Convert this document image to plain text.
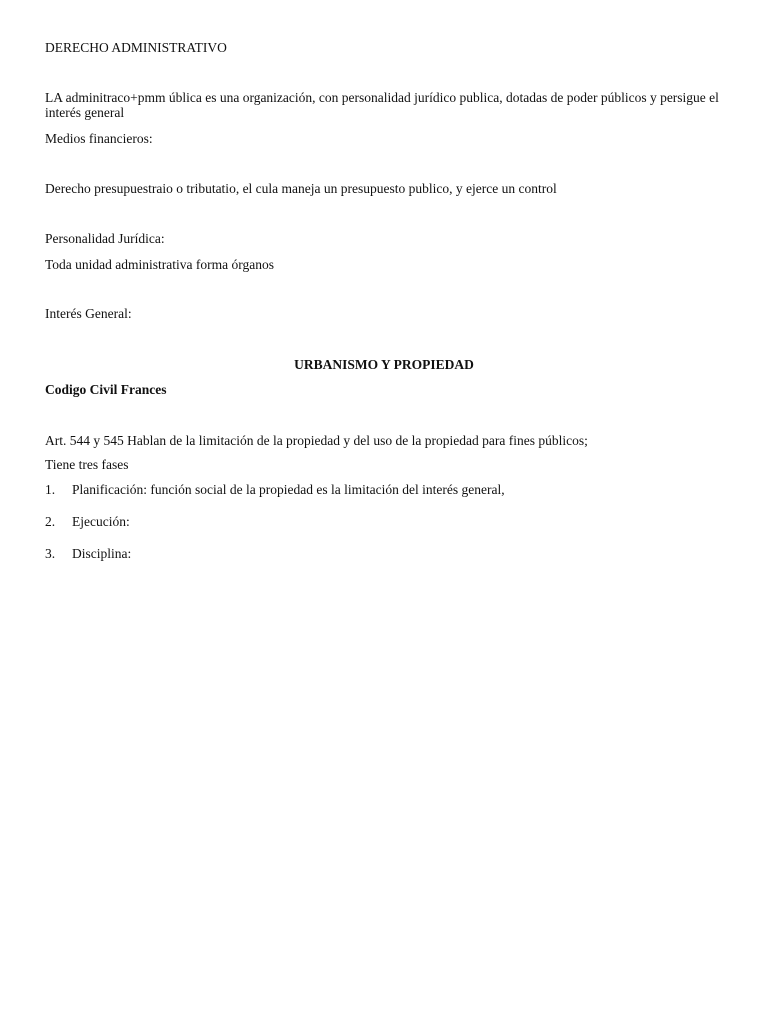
DERECHO ADMINISTRATIVO
LA adminitraco+pmm ública es una organización, con personalidad jurídico publica, dotadas de poder públicos y persigue el interés general
Medios financieros:
Derecho presupuestraio o tributatio, el cula maneja un presupuesto publico, y ejerce un control
Personalidad Jurídica:
Toda unidad administrativa forma órganos
Interés General:
URBANISMO Y PROPIEDAD
Codigo Civil Frances
Art. 544 y 545 Hablan de la limitación de la propiedad y del uso de la propiedad para fines públicos;
Tiene tres fases
1. Planificación: función social de la propiedad es la limitación del interés general,
2. Ejecución:
3. Disciplina:
